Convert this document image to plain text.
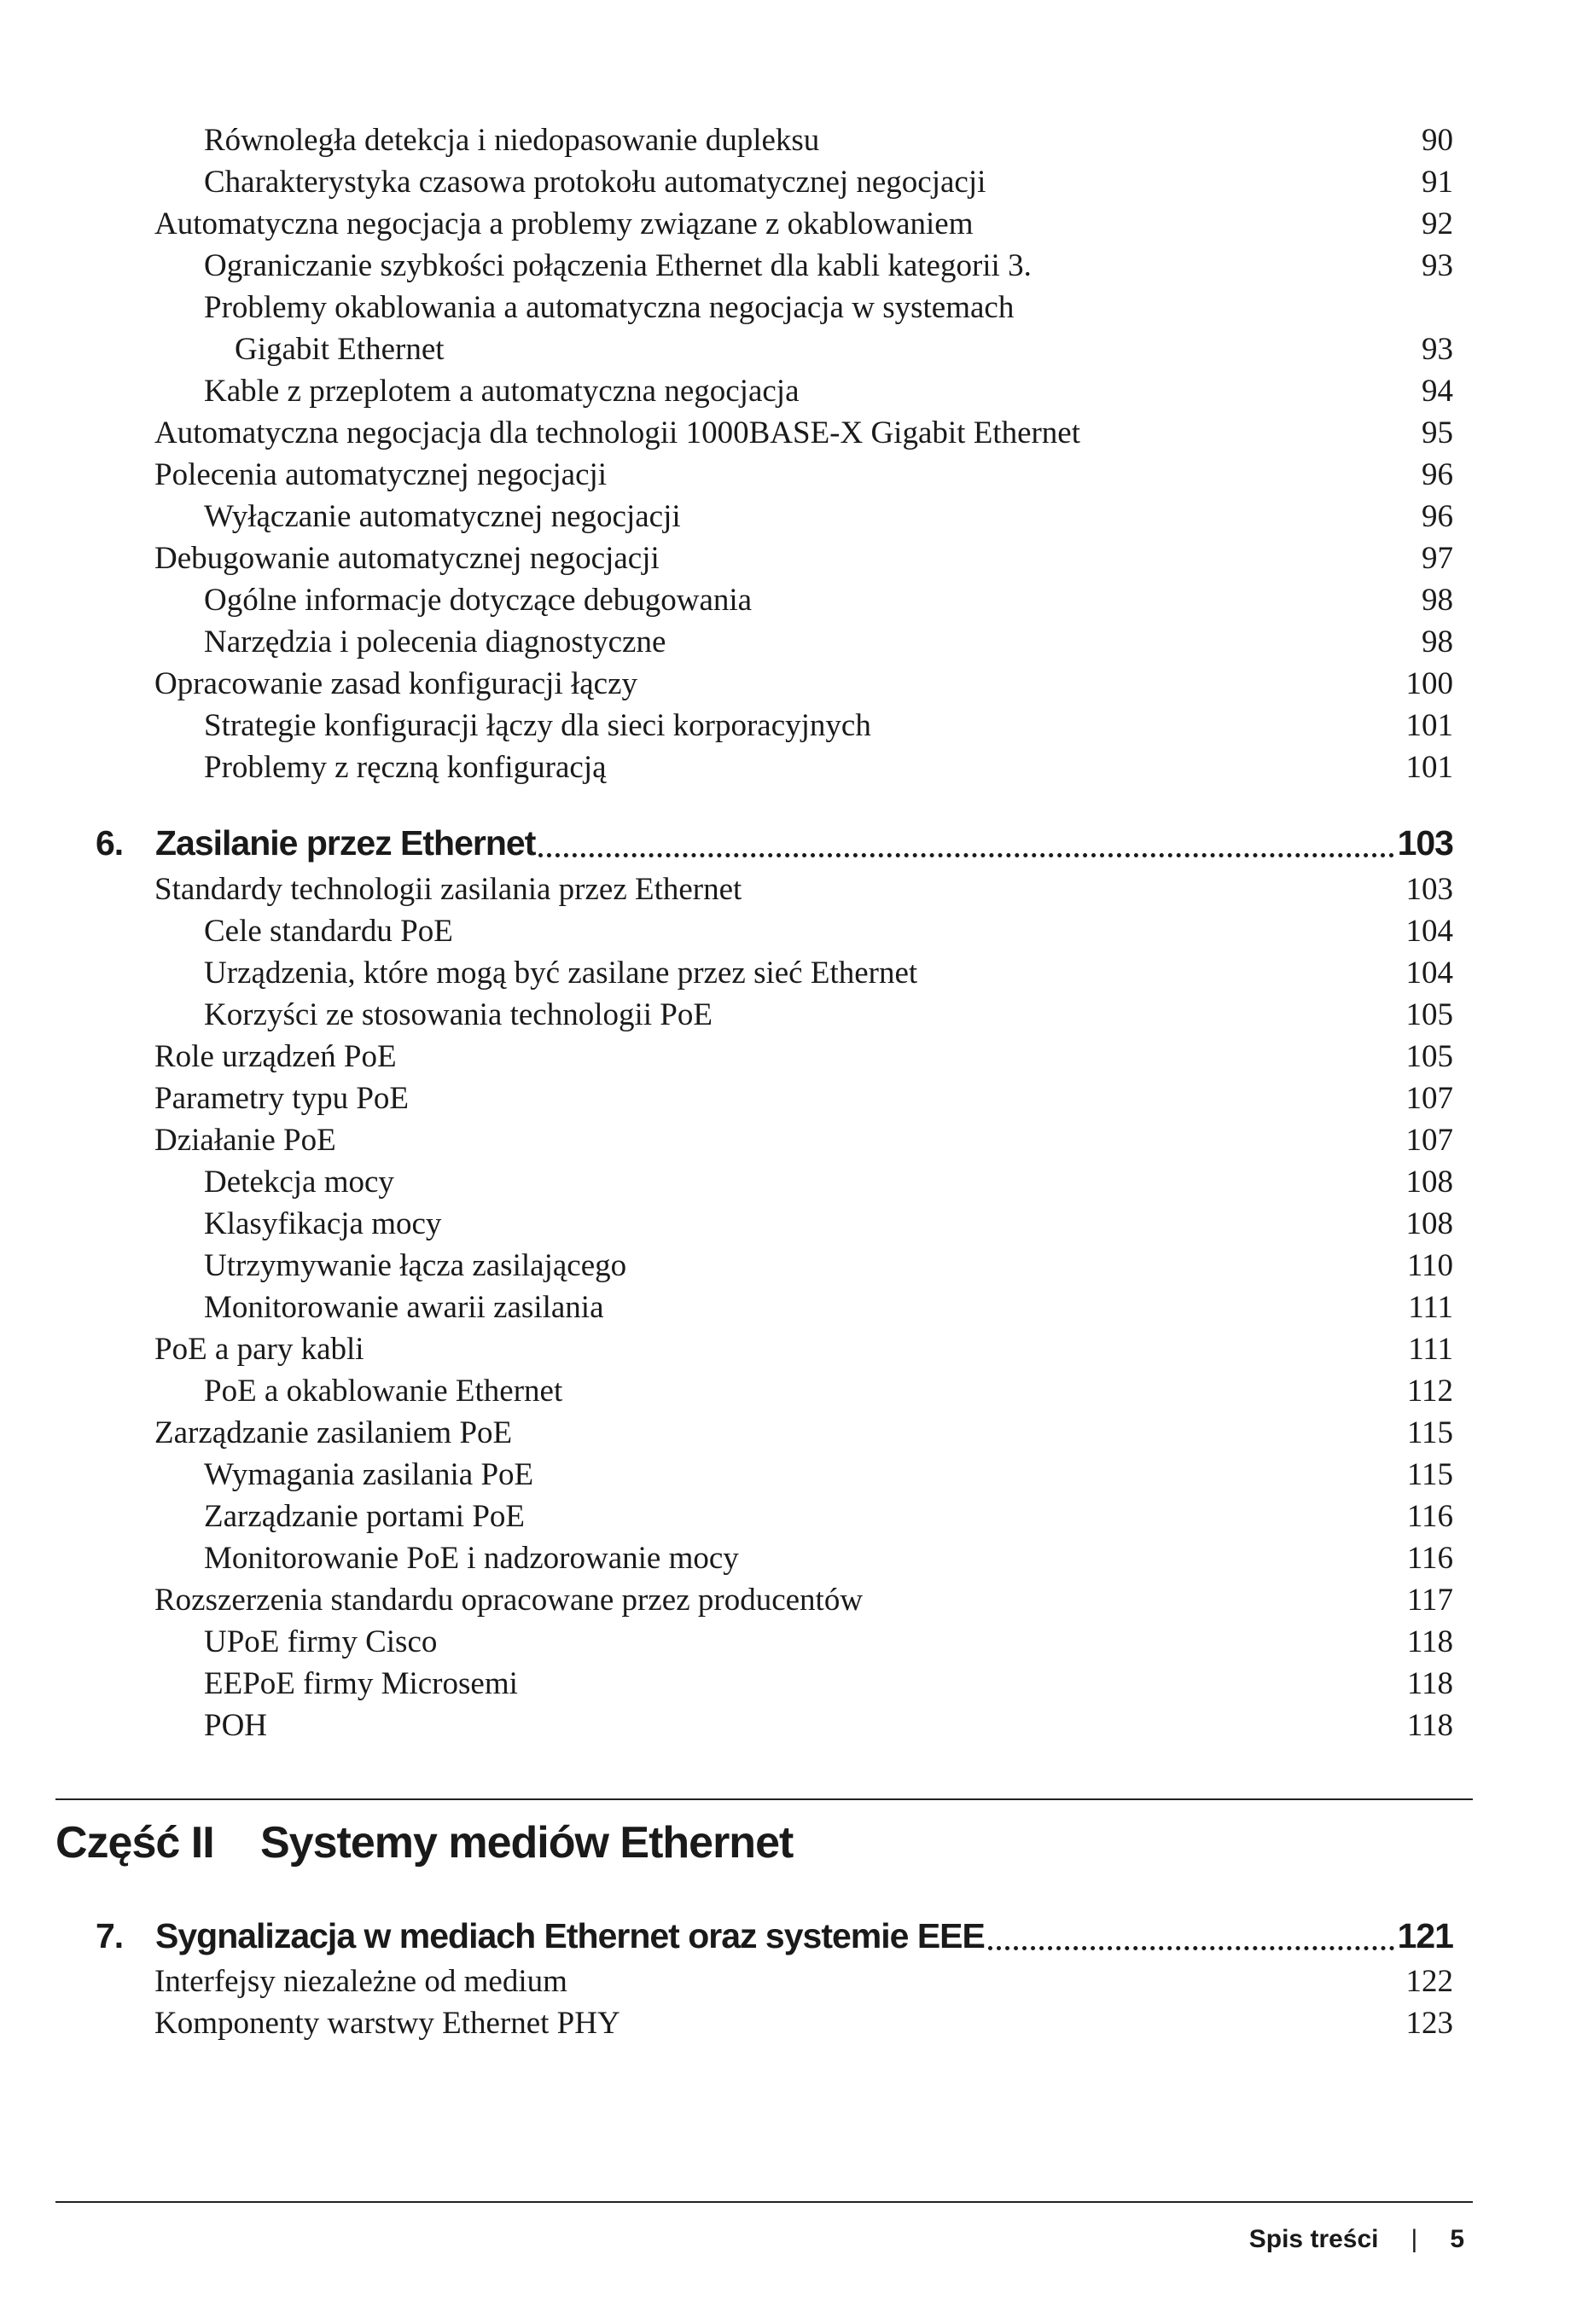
Równoległa detekcja i niedopasowanie dupleksu	90
Charakterystyka czasowa protokołu automatycznej negocjacji	91
Automatyczna negocjacja a problemy związane z okablowaniem	92
Ograniczanie szybkości połączenia Ethernet dla kabli kategorii 3.	93
Problemy okablowania a automatyczna negocjacja w systemach
Gigabit Ethernet	93
Kable z przeplotem a automatyczna negocjacja	94
Automatyczna negocjacja dla technologii 1000BASE-X Gigabit Ethernet	95
Polecenia automatycznej negocjacji	96
Wyłączanie automatycznej negocjacji	96
Debugowanie automatycznej negocjacji	97
Ogólne informacje dotyczące debugowania	98
Narzędzia i polecenia diagnostyczne	98
Opracowanie zasad konfiguracji łączy	100
Strategie konfiguracji łączy dla sieci korporacyjnych	101
Problemy z ręczną konfiguracją	101
6. Zasilanie przez Ethernet	103
Standardy technologii zasilania przez Ethernet	103
Cele standardu PoE	104
Urządzenia, które mogą być zasilane przez sieć Ethernet	104
Korzyści ze stosowania technologii PoE	105
Role urządzeń PoE	105
Parametry typu PoE	107
Działanie PoE	107
Detekcja mocy	108
Klasyfikacja mocy	108
Utrzymywanie łącza zasilającego	110
Monitorowanie awarii zasilania	111
PoE a pary kabli	111
PoE a okablowanie Ethernet	112
Zarządzanie zasilaniem PoE	115
Wymagania zasilania PoE	115
Zarządzanie portami PoE	116
Monitorowanie PoE i nadzorowanie mocy	116
Rozszerzenia standardu opracowane przez producentów	117
UPoE firmy Cisco	118
EEPoE firmy Microsemi	118
POH	118
Część II Systemy mediów Ethernet
7. Sygnalizacja w mediach Ethernet oraz systemie EEE	121
Interfejsy niezależne od medium	122
Komponenty warstwy Ethernet PHY	123
Spis treści | 5
